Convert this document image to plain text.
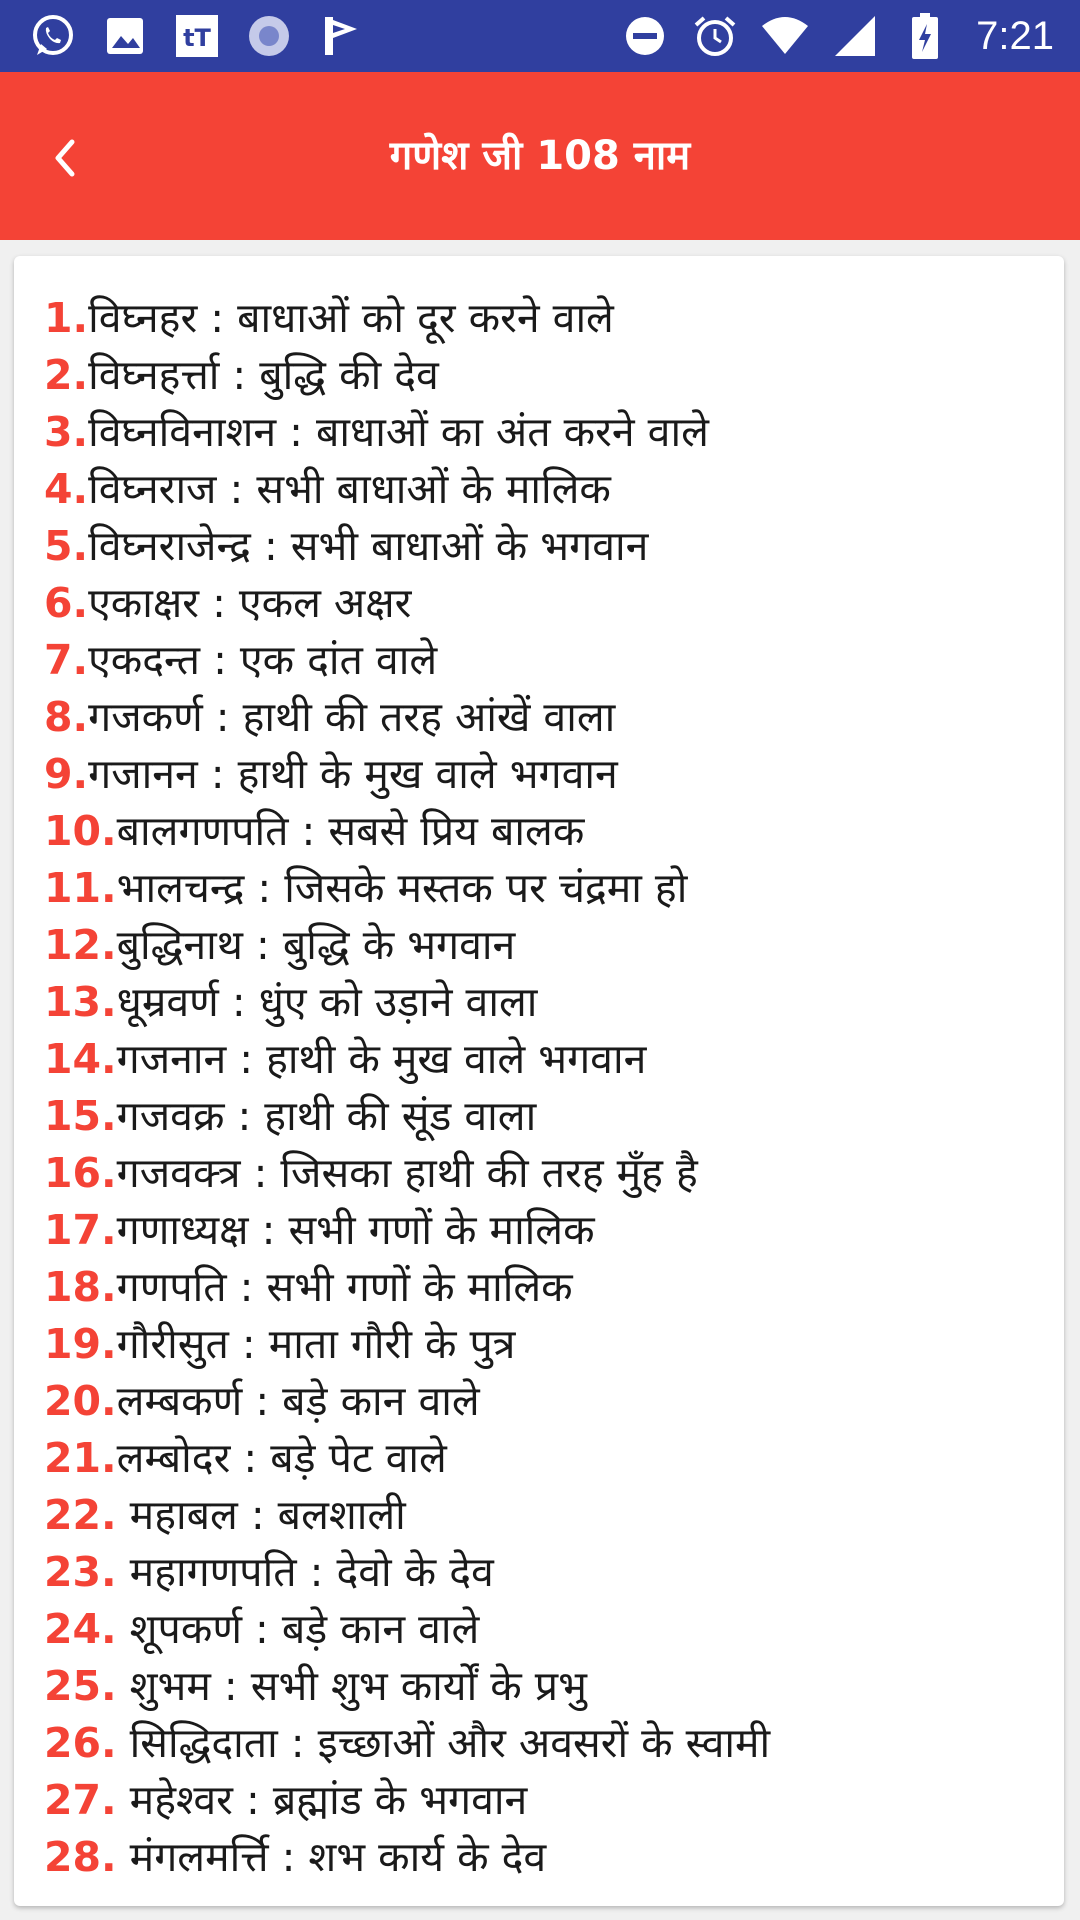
tT	7:21
गणेश जी 108 नाम
1.विघ्नहर : बाधाओं को दूर करने वाले
2.विघ्नहर्त्ता : बुद्धि की देव
3.विघ्नविनाशन : बाधाओं का अंत करने वाले
4.विघ्नराज : सभी बाधाओं के मालिक
5.विघ्नराजेन्द्र : सभी बाधाओं के भगवान
6.एकाक्षर : एकल अक्षर
7.एकदन्त : एक दांत वाले
8.गजकर्ण : हाथी की तरह आंखें वाला
9.गजानन : हाथी के मुख वाले भगवान
10.बालगणपति : सबसे प्रिय बालक
11.भालचन्द्र : जिसके मस्तक पर चंद्रमा हो
12.बुद्धिनाथ : बुद्धि के भगवान
13.धूम्रवर्ण : धुंए को उड़ाने वाला
14.गजनान : हाथी के मुख वाले भगवान
15.गजवक्र : हाथी की सूंड वाला
16.गजवक्त्र : जिसका हाथी की तरह मुँह है
17.गणाध्यक्ष : सभी गणों के मालिक
18.गणपति : सभी गणों के मालिक
19.गौरीसुत : माता गौरी के पुत्र
20.लम्बकर्ण : बड़े कान वाले
21.लम्बोदर : बड़े पेट वाले
22. महाबल : बलशाली
23. महागणपति : देवो के देव
24. शूपकर्ण : बड़े कान वाले
25. शुभम : सभी शुभ कार्यों के प्रभु
26. सिद्धिदाता : इच्छाओं और अवसरों के स्वामी
27. महेश्वर : ब्रह्मांड के भगवान
28. मंगलमर्त्ति : शभ कार्य के देव
